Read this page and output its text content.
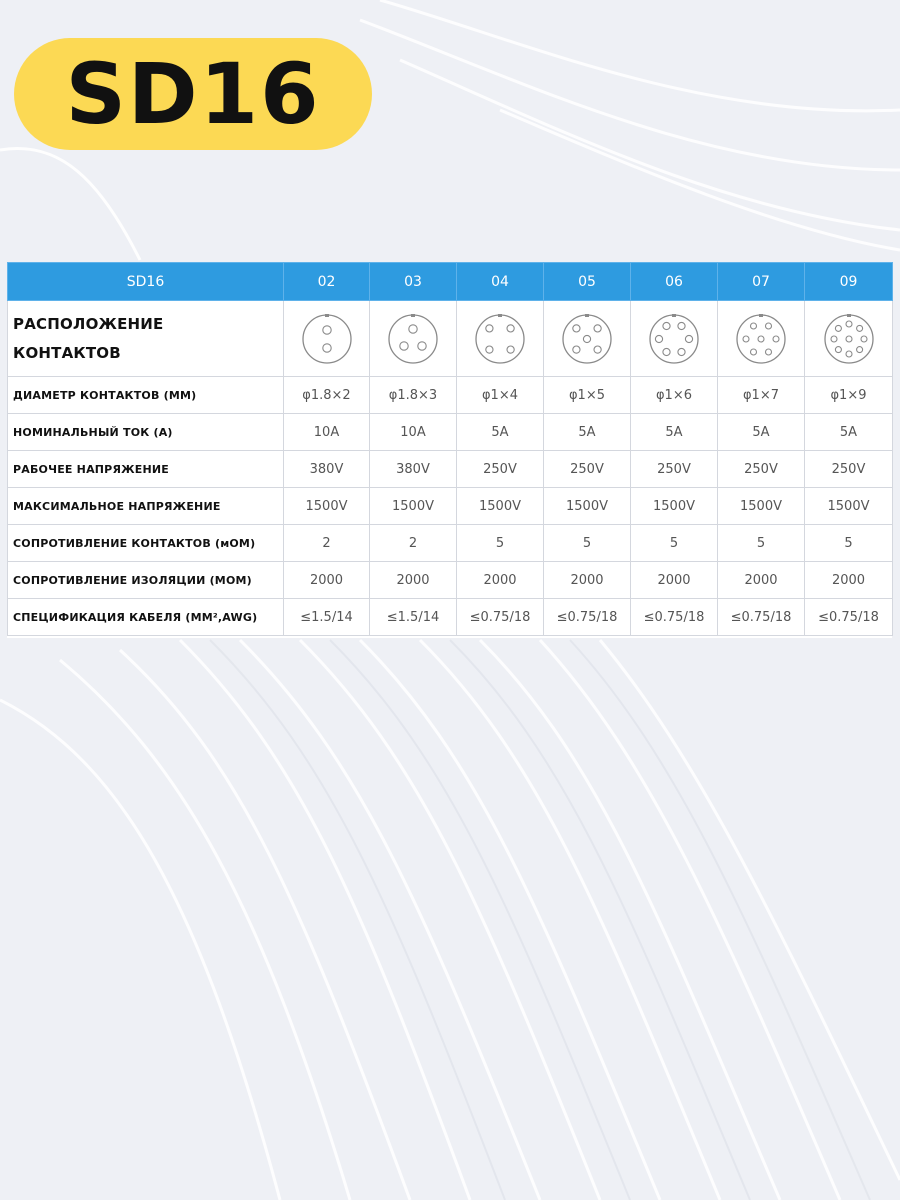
SD16
SD16	02	03	04	05	06	07	09

РАСПОЛОЖЕНИЕ
КОНТАКТОВ

ДИАМЕТР КОНТАКТОВ (ММ)	φ1.8×2	φ1.8×3	φ1×4	φ1×5	φ1×6	φ1×7	φ1×9
НОМИНАЛЬНЫЙ ТОК (А)	10A	10A	5A	5A	5A	5A	5A
РАБОЧЕЕ НАПРЯЖЕНИЕ	380V	380V	250V	250V	250V	250V	250V
МАКСИМАЛЬНОЕ НАПРЯЖЕНИЕ	1500V	1500V	1500V	1500V	1500V	1500V	1500V
СОПРОТИВЛЕНИЕ КОНТАКТОВ (мОМ)	2	2	5	5	5	5	5
СОПРОТИВЛЕНИЕ ИЗОЛЯЦИИ (МОМ)	2000	2000	2000	2000	2000	2000	2000
СПЕЦИФИКАЦИЯ КАБЕЛЯ (ММ²,AWG)	≤1.5/14	≤1.5/14	≤0.75/18	≤0.75/18	≤0.75/18	≤0.75/18	≤0.75/18
